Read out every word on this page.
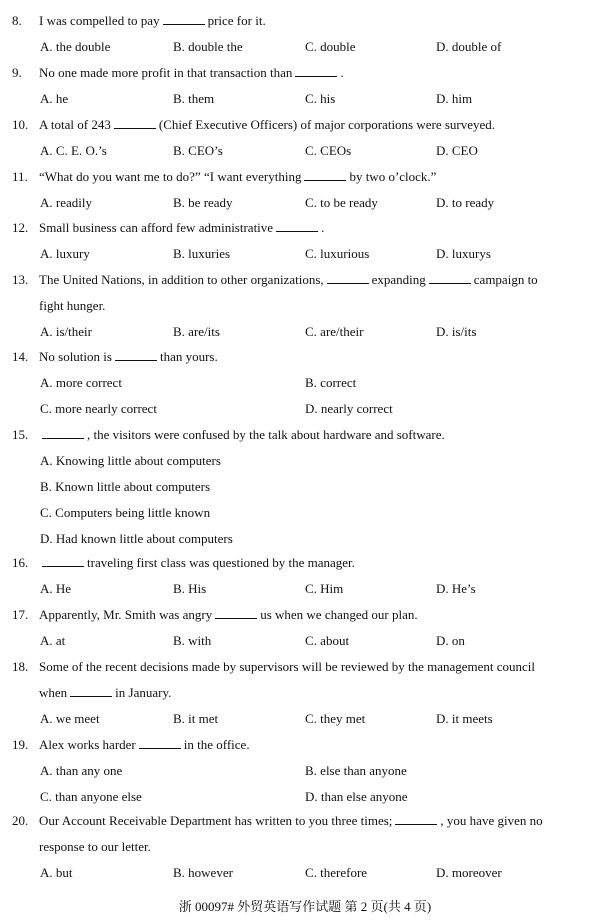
8. I was compelled to pay	price for it.
A. the double	B. double the	C. double	D. double of
9. No one made more profit in that transaction than	.
A. he	B. them	C. his	D. him
10. A total of 243	(Chief Executive Officers) of major corporations were surveyed.
A. C. E. O.’s	B. CEO’s	C. CEOs	D. CEO
11. “What do you want me to do?” “I want everything	by two o’clock.”
A. readily	B. be ready	C. to be ready	D. to ready
12. Small business can afford few administrative	.
A. luxury	B. luxuries	C. luxurious	D. luxurys
13. The United Nations, in addition to other organizations,	expanding	campaign to
fight hunger.
A. is/their	B. are/its	C. are/their	D. is/its
14. No solution is	than yours.
A. more correct	B. correct
C. more nearly correct	D. nearly correct
15.	, the visitors were confused by the talk about hardware and software.
A. Knowing little about computers
B. Known little about computers
C. Computers being little known
D. Had known little about computers
16.	traveling first class was questioned by the manager.
A. He	B. His	C. Him	D. He’s
17. Apparently, Mr. Smith was angry	us when we changed our plan.
A. at	B. with	C. about	D. on
18. Some of the recent decisions made by supervisors will be reviewed by the management council
when	in January.
A. we meet	B. it met	C. they met	D. it meets
19. Alex works harder	in the office.
A. than any one	B. else than anyone
C. than anyone else	D. than else anyone
20. Our Account Receivable Department has written to you three times;	, you have given no
response to our letter.
A. but	B. however	C. therefore	D. moreover
浙 00097# 外贸英语写作试题 第 2 页(共 4 页)
